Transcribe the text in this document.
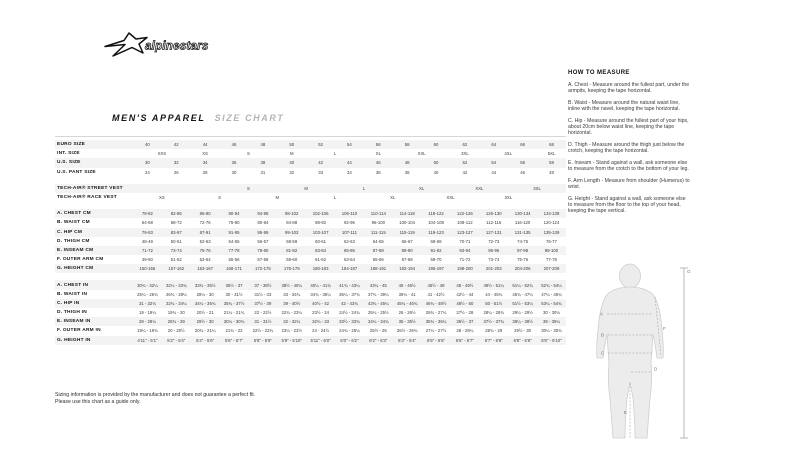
alpinestars
MEN'S APPAREL SIZE CHART
EURO SIZE	40	42	44	46	48	50	52	54	56	58	60	62	64	66	68
INT. SIZE	XXS	XS	S	M	L	XL	XXL	3XL	4XL	5XL
U.S. SIZE	30	32	34	36	38	40	42	44	46	48	50	52	54	56	58
U.S. PANT SIZE	24	26	28	30	31	32	33	34	36	38	40	42	44	46	48
TECH-AIR® STREET VEST	S	M	L	XL	XXL	3XL
TECH-AIR® RACE VEST	XS	S	M	L	XL	XXL	3XL
A. CHEST CM	78-82	82-86	86-90	90-94	94-98	98-102	102-106	106-110	110-114	114-118	118-122	122-126	126-130	130-134	134-138
B. WAIST CM	64-68	68-72	72-76	76-80	80-84	84-88	88-92	92-96	96-100	100-104	104-108	108-112	112-116	116-120	120-124
C. HIP CM	79-83	83-87	87-91	91-95	95-99	99-103	103-107	107-111	111-115	115-119	119-123	123-127	127-131	131-135	135-139
D. THIGH CM	48-49	50-51	52-53	54-55	56-57	58-59	60-61	62-63	64-65	66-67	68-69	70-71	72-73	74-75	76-77
E. INSEAM CM	71-72	73-74	75-76	77-78	79-80	81-82	83-84	85-86	87-88	89-90	91-92	93-94	95-96	97-98	99-100
F. OUTER ARM CM	49-50	51-52	53-54	55-56	57-58	59-60	61-62	63-64	65-66	67-68	69-70	71-72	73-74	75-76	77-78
G. HEIGHT CM	150-156	157-162	163-167	168-171	172-175	176-179	180-183	184-187	188-191	192-194	195-197	198-200	201-203	204-206	207-209
A. CHEST IN	30¾ - 32¼	32¼ - 33¾	33¾ - 35½	35½ - 37	37 - 38½	38½ - 40¼	40¼ - 41¾	41¾ - 43¼	43¼ - 45	45 - 46½	46½ - 48	48 - 49½	49½ - 51¼	51¼ - 52¾	52¾ - 54¼
B. WAIST IN	25¼ - 26¾	26¾ - 28¼	28¼ - 30	30 - 31½	31½ - 33	33 - 34¾	34¾ - 36¼	36¼ - 37¾	37¾ - 39¼	39¼ - 41	41 - 42½	42½ - 44	44 - 45¾	45¾ - 47¼	47¼ - 48¾
C. HIP IN	31 - 32¾	32¾ - 34¼	34¼ - 35¾	35¾ - 37½	37½ - 39	39 - 40½	40½ - 42	42 - 43¾	43¾ - 45¼	45¼ - 46¾	46¾ - 48½	48½ - 50	50 - 51½	51½ - 53¼	53¼ - 54¾
D. THIGH IN	19 - 19¼	19¾ - 20	20½ - 21	21¼ - 21¾	22 - 22½	22¾ - 23¼	23½ - 24	24½ - 24¾	25¼ - 25½	26 - 26½	26¾ - 27¼	27½ - 28	28¼ - 28¾	29¼ - 29½	30 - 30¼
E. INSEAM IN	28 - 28¼	28¾ - 29	29½ - 30	30¼ - 30¾	31 - 31½	32 - 32¼	32¾ - 33	33½ - 33¾	34¼ - 34¾	35 - 35½	35¾ - 36¼	36½ - 37	37½ - 37¾	38¼ - 38½	39 - 39¼
F. OUTER ARM IN	19¼ - 19¾	20 - 20½	20¾ - 21¼	21¾ - 22	22½ - 22¾	23¼ - 23½	24 - 24½	24¾ - 25¼	25½ - 26	26½ - 26¾	27¼ - 27½	28 - 28¼	28¾ - 29	29½ - 30	30¼ - 30¾
G. HEIGHT IN	4'11" - 5'1"	5'2" - 5'4"	5'4" - 5'6"	5'6" - 5'7"	5'8" - 5'9"	5'9" - 5'10"	5'11" - 6'0"	6'0" - 6'2"	6'2" - 6'3"	6'3" - 6'4"	6'5" - 6'6"	6'6" - 6'7"	6'7" - 6'8"	6'8" - 6'9"	6'9" - 6'10"
HOW TO MEASURE

A. Chest - Measure around the fullest part, under the armpits, keeping the tape horizontal.

B. Waist - Measure around the natural waist line, inline with the navel, keeping the tape horizontal.

C. Hip - Measure around the fullest part of your hips, about 20cm below waist line, keeping the tape horizontal.

D. Thigh - Measure around the thigh just below the crotch, keeping the tape horizontal.

E. Inseam - Stand against a wall, ask someone else to measure from the crotch to the bottom of your leg.

F. Arm Length - Measure from shoulder (Humerus) to wrist.

G. Height - Stand against a wall, ask someone else to measure from the floor to the top of your head, keeping the tape vertical.

A
B
C
D
E
F
G
Sizing information is provided by the manufacturer and does not guarantee a perfect fit.
Please use this chart as a guide only.
